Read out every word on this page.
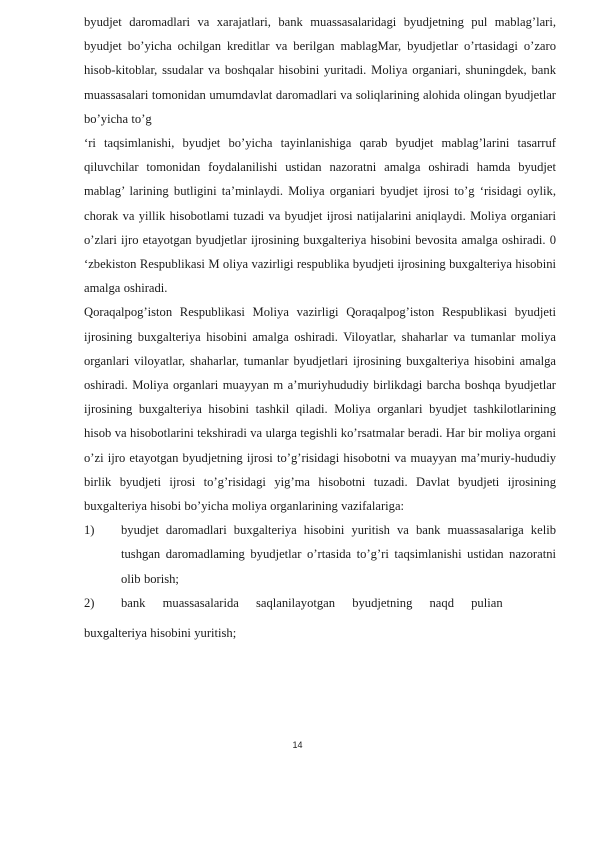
byudjet daromadlari va xarajatlari, bank muassasalaridagi byudjetning pul mablag’lari, byudjet bo’yicha ochilgan kreditlar va berilgan mablagMar, byudjetlar o’rtasidagi o’zaro hisob-kitoblar, ssudalar va boshqalar hisobini yuritadi. Moliya organiari, shuningdek, bank muassasalari tomonidan umumdavlat daromadlari va soliqlarining alohida olingan byudjetlar bo’yicha to’g

‘ri taqsimlanishi, byudjet bo’yicha tayinlanishiga qarab byudjet mablag’larini tasarruf qiluvchilar tomonidan foydalanilishi ustidan nazoratni amalga oshiradi hamda byudjet mablag’ larining butligini ta’minlaydi. Moliya organiari byudjet ijrosi to’g ‘risidagi oylik, chorak va yillik hisobotlami tuzadi va byudjet ijrosi natijalarini aniqlaydi. Moliya organiari o’zlari ijro etayotgan byudjetlar ijrosining buxgalteriya hisobini bevosita amalga oshiradi. 0 ‘zbekiston Respublikasi M oliya vazirligi respublika byudjeti ijrosining buxgalteriya hisobini amalga oshiradi.

Qoraqalpog’iston Respublikasi Moliya vazirligi Qoraqalpog’iston Respublikasi byudjeti ijrosining buxgalteriya hisobini amalga oshiradi. Viloyatlar, shaharlar va tumanlar moliya organlari viloyatlar, shaharlar, tumanlar byudjetlari ijrosining buxgalteriya hisobini amalga oshiradi. Moliya organlari muayyan m a’muriyhududiy birlikdagi barcha boshqa byudjetlar ijrosining buxgalteriya hisobini tashkil qiladi. Moliya organlari byudjet tashkilotlarining hisob va hisobotlarini tekshiradi va ularga tegishli ko’rsatmalar beradi. Har bir moliya organi o’zi ijro etayotgan byudjetning ijrosi to’g’risidagi hisobotni va muayyan ma’muriy-hududiy birlik byudjeti ijrosi to’g’risidagi yig’ma hisobotni tuzadi. Davlat byudjeti ijrosining buxgalteriya hisobi bo’yicha moliya organlarining vazifalariga:

1)	byudjet daromadlari buxgalteriya hisobini yuritish va bank muassasalariga kelib tushgan daromadlaming byudjetlar o’rtasida to’g’ri taqsimlanishi ustidan nazoratni olib borish;
2)	bank muassasalarida saqlanilayotgan byudjetning naqd pulian

buxgalteriya hisobini yuritish;

14
